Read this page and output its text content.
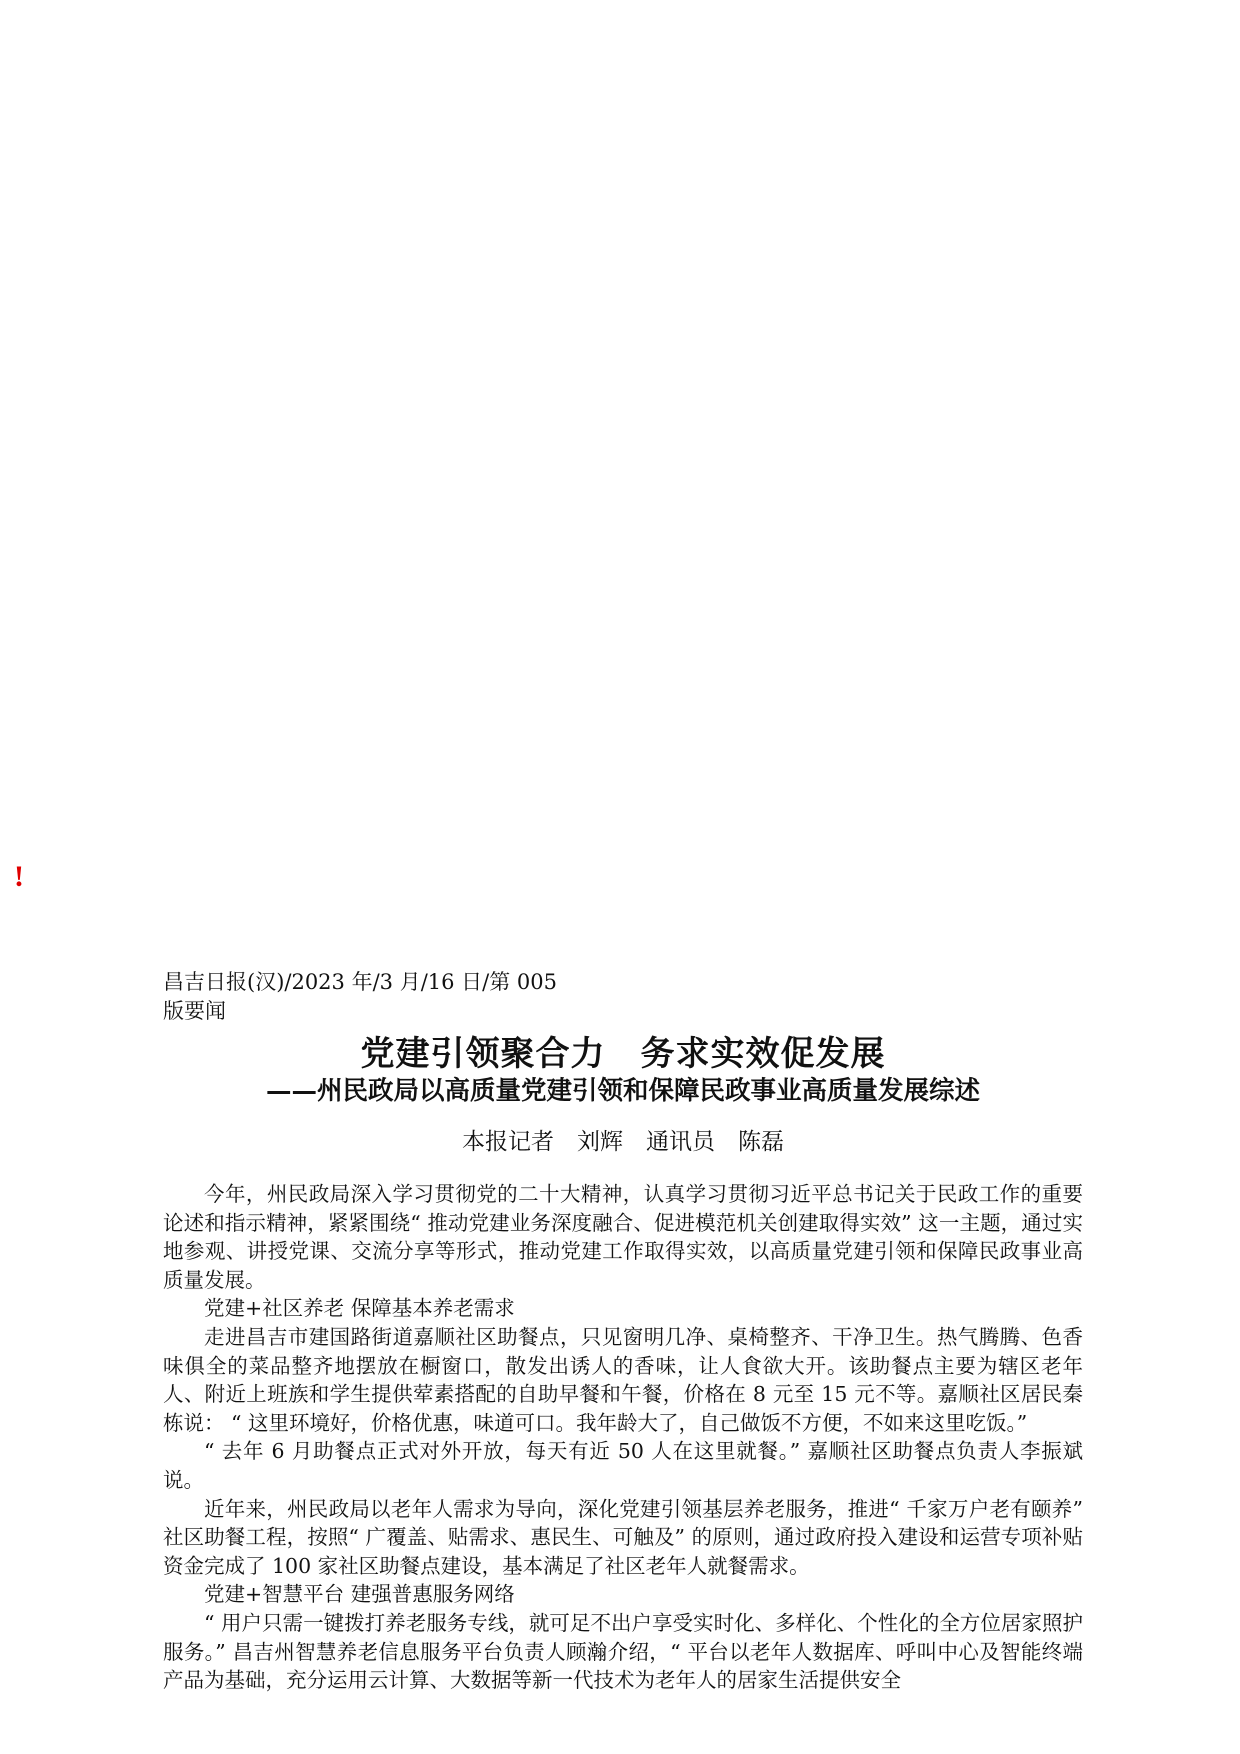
!
昌吉日报(汉)/2023 年/3 月/16 日/第 005
版要闻
党建引领聚合力　务求实效促发展
——州民政局以高质量党建引领和保障民政事业高质量发展综述
本报记者　刘辉　通讯员　陈磊

今年，州民政局深入学习贯彻党的二十大精神，认真学习贯彻习近平总书记关于民政工作的重要论述和指示精神，紧紧围绕“ 推动党建业务深度融合、促进模范机关创建取得实效” 这一主题，通过实地参观、讲授党课、交流分享等形式，推动党建工作取得实效，以高质量党建引领和保障民政事业高质量发展。

党建+社区养老 保障基本养老需求

走进昌吉市建国路街道嘉顺社区助餐点，只见窗明几净、桌椅整齐、干净卫生。热气腾腾、色香味俱全的菜品整齐地摆放在橱窗口，散发出诱人的香味，让人食欲大开。该助餐点主要为辖区老年人、附近上班族和学生提供荤素搭配的自助早餐和午餐，价格在 8 元至 15 元不等。嘉顺社区居民秦栋说： “ 这里环境好，价格优惠，味道可口。我年龄大了，自己做饭不方便，不如来这里吃饭。”

“ 去年 6 月助餐点正式对外开放，每天有近 50 人在这里就餐。” 嘉顺社区助餐点负责人李振斌说。

近年来，州民政局以老年人需求为导向，深化党建引领基层养老服务，推进“ 千家万户老有颐养” 社区助餐工程，按照“ 广覆盖、贴需求、惠民生、可触及” 的原则，通过政府投入建设和运营专项补贴资金完成了 100 家社区助餐点建设，基本满足了社区老年人就餐需求。

党建+智慧平台 建强普惠服务网络

“ 用户只需一键拨打养老服务专线，就可足不出户享受实时化、多样化、个性化的全方位居家照护服务。” 昌吉州智慧养老信息服务平台负责人顾瀚介绍，“ 平台以老年人数据库、呼叫中心及智能终端产品为基础，充分运用云计算、大数据等新一代技术为老年人的居家生活提供安全
